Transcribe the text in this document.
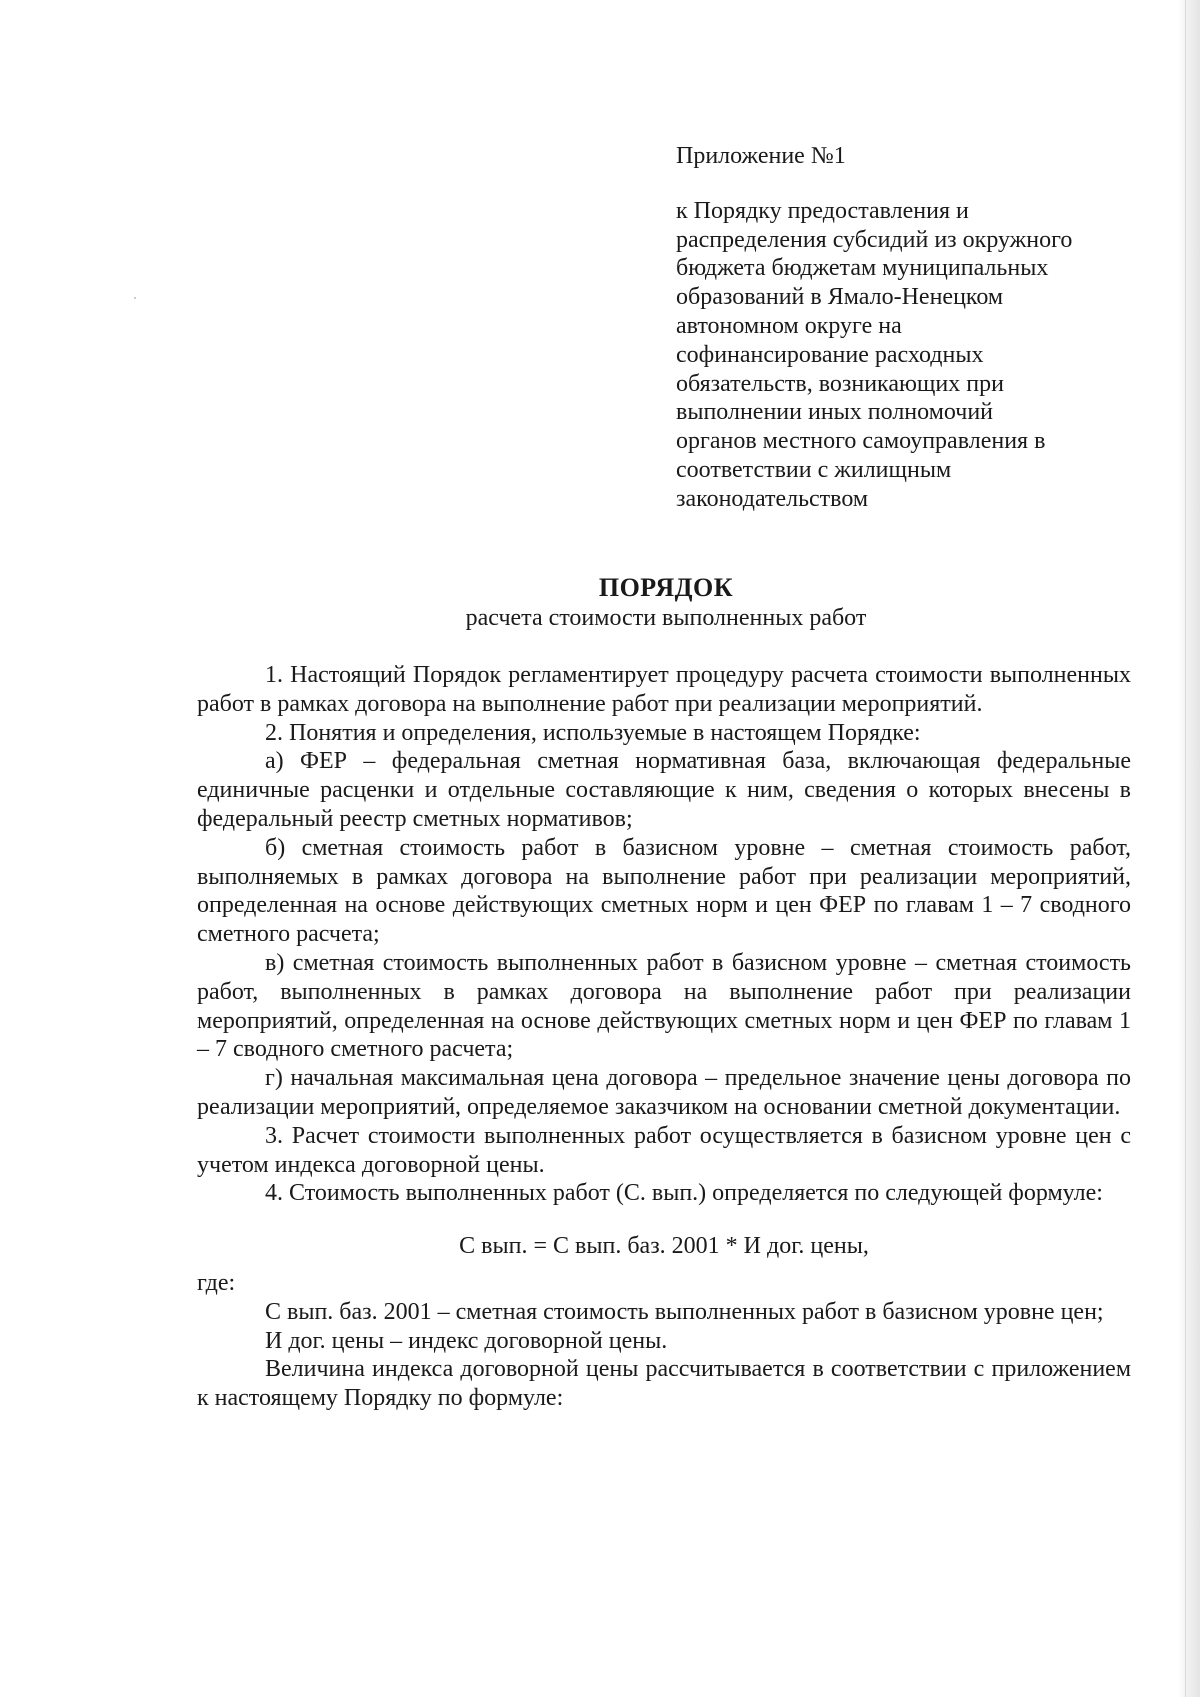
Приложение №1
к Порядку предоставления и
распределения субсидий из окружного
бюджета бюджетам муниципальных
образований в Ямало-Ненецком
автономном округе на
софинансирование расходных
обязательств, возникающих при
выполнении иных полномочий
органов местного самоуправления в
соответствии с жилищным
законодательством
ПОРЯДОК
расчета стоимости выполненных работ

1. Настоящий Порядок регламентирует процедуру расчета стоимости выполненных работ в рамках договора на выполнение работ при реализации мероприятий.

2. Понятия и определения, используемые в настоящем Порядке:

а) ФЕР – федеральная сметная нормативная база, включающая федеральные единичные расценки и отдельные составляющие к ним, сведения о которых внесены в федеральный реестр сметных нормативов;

б) сметная стоимость работ в базисном уровне – сметная стоимость работ, выполняемых в рамках договора на выполнение работ при реализации мероприятий, определенная на основе действующих сметных норм и цен ФЕР по главам 1 – 7 сводного сметного расчета;

в) сметная стоимость выполненных работ в базисном уровне – сметная стоимость работ, выполненных в рамках договора на выполнение работ при реализации мероприятий, определенная на основе действующих сметных норм и цен ФЕР по главам 1 – 7 сводного сметного расчета;

г) начальная максимальная цена договора – предельное значение цены договора по реализации мероприятий, определяемое заказчиком на основании сметной документации.

3. Расчет стоимости выполненных работ осуществляется в базисном уровне цен с учетом индекса договорной цены.

4. Стоимость выполненных работ (С. вып.) определяется по следующей формуле:

С вып. = С вып. баз. 2001 * И дог. цены,

где:

С вып. баз. 2001 – сметная стоимость выполненных работ в базисном уровне цен;

И дог. цены – индекс договорной цены.

Величина индекса договорной цены рассчитывается в соответствии с приложением к настоящему Порядку по формуле:
